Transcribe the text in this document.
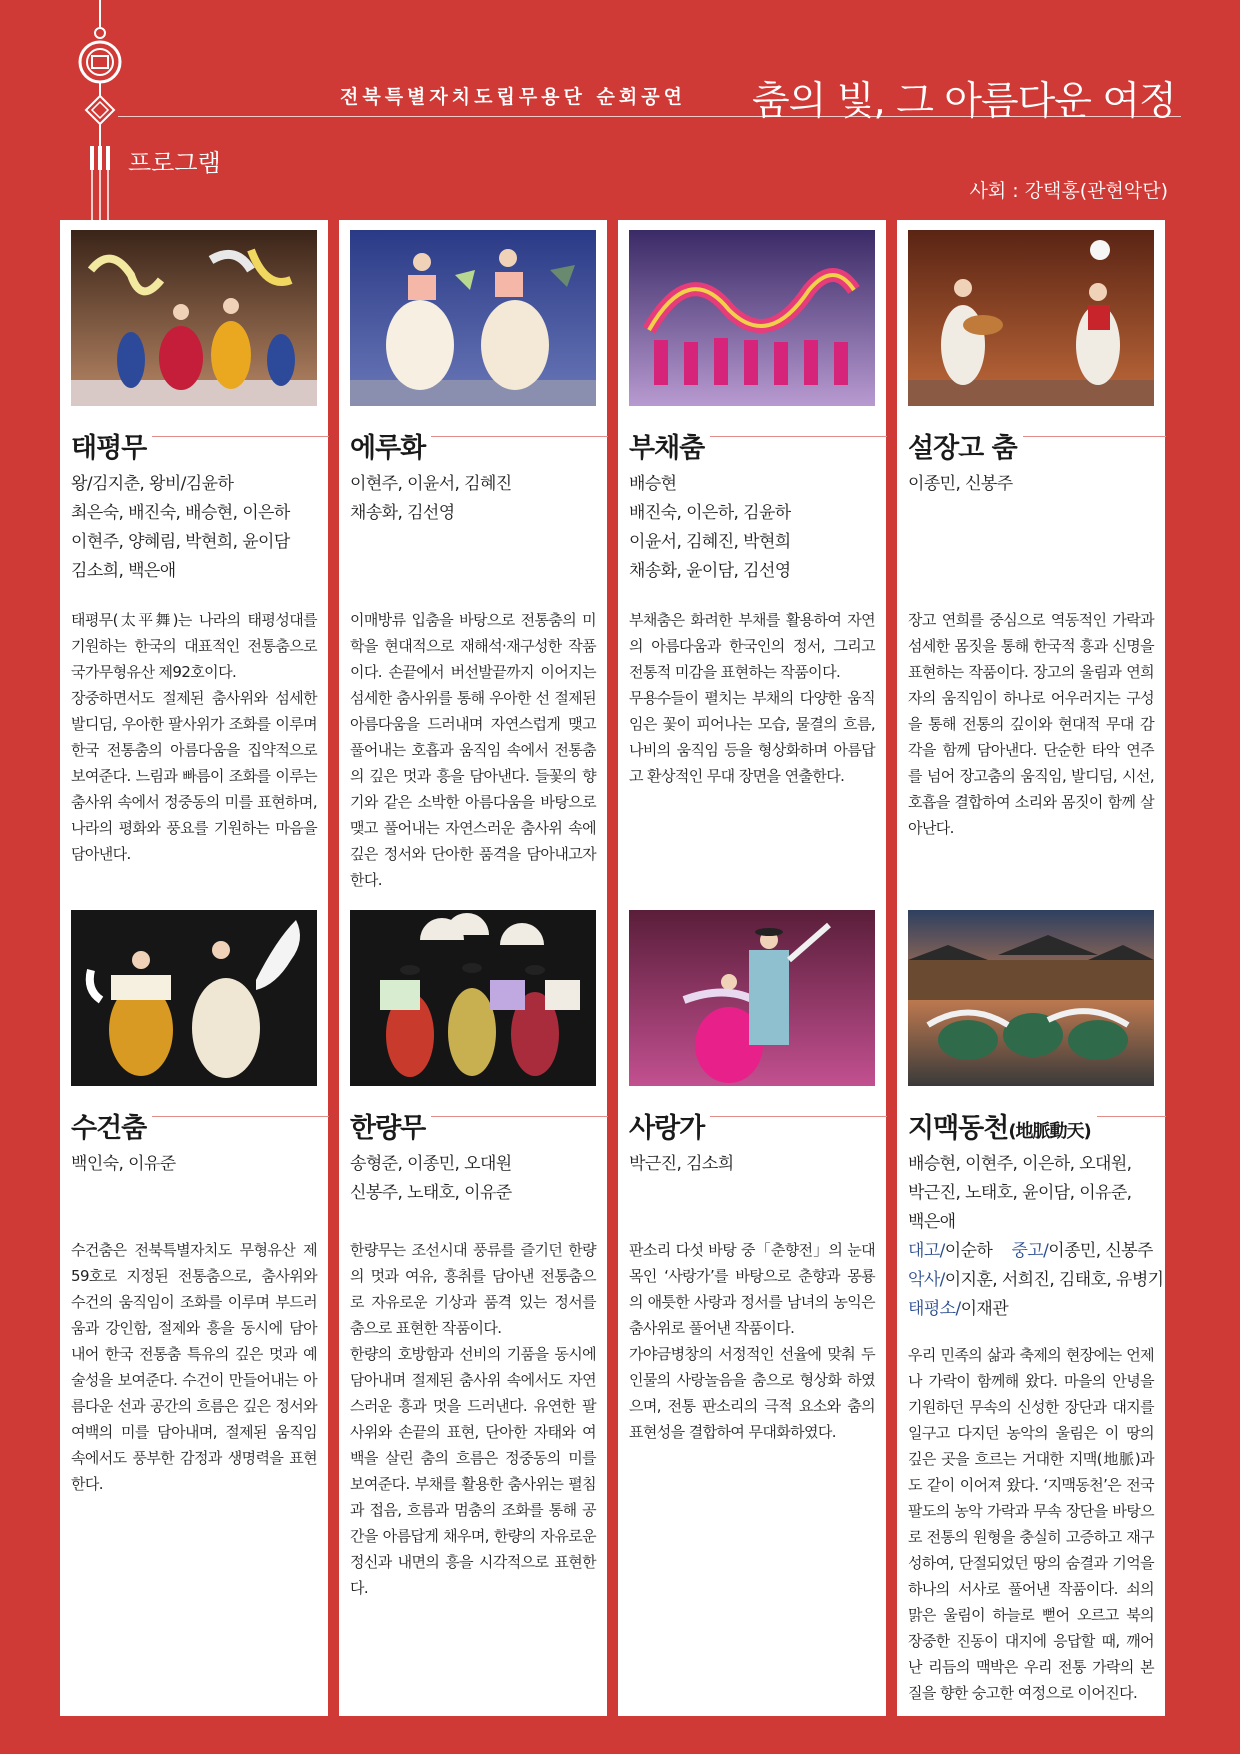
전북특별자치도립무용단 순회공연 춤의 빛, 그 아름다운 여정
프로그램
사회 : 강택홍(관현악단)
태평무
왕/김지춘, 왕비/김윤하
최은숙, 배진숙, 배승현, 이은하
이현주, 양혜림, 박현희, 윤이담
김소희, 백은애
태평무(太平舞)는 나라의 태평성대를 기원하는 한국의 대표적인 전통춤으로 국가무형유산 제92호이다.
장중하면서도 절제된 춤사위와 섬세한 발디딤, 우아한 팔사위가 조화를 이루며 한국 전통춤의 아름다움을 집약적으로 보여준다. 느림과 빠름이 조화를 이루는 춤사위 속에서 정중동의 미를 표현하며, 나라의 평화와 풍요를 기원하는 마음을 담아낸다.
수건춤
백인숙, 이유준
수건춤은 전북특별자치도 무형유산 제59호로 지정된 전통춤으로, 춤사위와 수건의 움직임이 조화를 이루며 부드러움과 강인함, 절제와 흥을 동시에 담아내어 한국 전통춤 특유의 깊은 멋과 예술성을 보여준다. 수건이 만들어내는 아름다운 선과 공간의 흐름은 깊은 정서와 여백의 미를 담아내며, 절제된 움직임 속에서도 풍부한 감정과 생명력을 표현한다.
에루화
이현주, 이윤서, 김혜진
채송화, 김선영
이매방류 입춤을 바탕으로 전통춤의 미학을 현대적으로 재해석·재구성한 작품이다. 손끝에서 버선발끝까지 이어지는 섬세한 춤사위를 통해 우아한 선 절제된 아름다움을 드러내며 자연스럽게 맺고 풀어내는 호흡과 움직임 속에서 전통춤의 깊은 멋과 흥을 담아낸다. 들꽃의 향기와 같은 소박한 아름다움을 바탕으로 맺고 풀어내는 자연스러운 춤사위 속에 깊은 정서와 단아한 품격을 담아내고자 한다.
한량무
송형준, 이종민, 오대원
신봉주, 노태호, 이유준
한량무는 조선시대 풍류를 즐기던 한량의 멋과 여유, 흥취를 담아낸 전통춤으로 자유로운 기상과 품격 있는 정서를 춤으로 표현한 작품이다.
한량의 호방함과 선비의 기품을 동시에 담아내며 절제된 춤사위 속에서도 자연스러운 흥과 멋을 드러낸다. 유연한 팔사위와 손끝의 표현, 단아한 자태와 여백을 살린 춤의 흐름은 정중동의 미를 보여준다. 부채를 활용한 춤사위는 펼침과 접음, 흐름과 멈춤의 조화를 통해 공간을 아름답게 채우며, 한량의 자유로운 정신과 내면의 흥을 시각적으로 표현한다.
부채춤
배승현
배진숙, 이은하, 김윤하
이윤서, 김혜진, 박현희
채송화, 윤이담, 김선영
부채춤은 화려한 부채를 활용하여 자연의 아름다움과 한국인의 정서, 그리고 전통적 미감을 표현하는 작품이다.
무용수들이 펼치는 부채의 다양한 움직임은 꽃이 피어나는 모습, 물결의 흐름, 나비의 움직임 등을 형상화하며 아름답고 환상적인 무대 장면을 연출한다.
사랑가
박근진, 김소희
판소리 다섯 바탕 중「춘향전」의 눈대목인 ‘사랑가’를 바탕으로 춘향과 몽룡의 애틋한 사랑과 정서를 남녀의 농익은 춤사위로 풀어낸 작품이다.
가야금병창의 서정적인 선율에 맞춰 두 인물의 사랑놀음을 춤으로 형상화 하였으며, 전통 판소리의 극적 요소와 춤의 표현성을 결합하여 무대화하였다.
설장고 춤
이종민, 신봉주
장고 연희를 중심으로 역동적인 가락과 섬세한 몸짓을 통해 한국적 흥과 신명을 표현하는 작품이다. 장고의 울림과 연희자의 움직임이 하나로 어우러지는 구성을 통해 전통의 깊이와 현대적 무대 감각을 함께 담아낸다. 단순한 타악 연주를 넘어 장고춤의 움직임, 발디딤, 시선, 호흡을 결합하여 소리와 몸짓이 함께 살아난다.
지맥동천(地脈動天)
배승현, 이현주, 이은하, 오대원,
박근진, 노태호, 윤이담, 이유준,
백은애
대고/이순하 중고/이종민, 신봉주
악사/이지훈, 서희진, 김태호, 유병기
태평소/이재관
우리 민족의 삶과 축제의 현장에는 언제나 가락이 함께해 왔다. 마을의 안녕을 기원하던 무속의 신성한 장단과 대지를 일구고 다지던 농악의 울림은 이 땅의 깊은 곳을 흐르는 거대한 지맥(地脈)과도 같이 이어져 왔다. ‘지맥동천’은 전국 팔도의 농악 가락과 무속 장단을 바탕으로 전통의 원형을 충실히 고증하고 재구성하여, 단절되었던 땅의 숨결과 기억을 하나의 서사로 풀어낸 작품이다. 쇠의 맑은 울림이 하늘로 뻗어 오르고 북의 장중한 진동이 대지에 응답할 때, 깨어난 리듬의 맥박은 우리 전통 가락의 본질을 향한 숭고한 여정으로 이어진다.
